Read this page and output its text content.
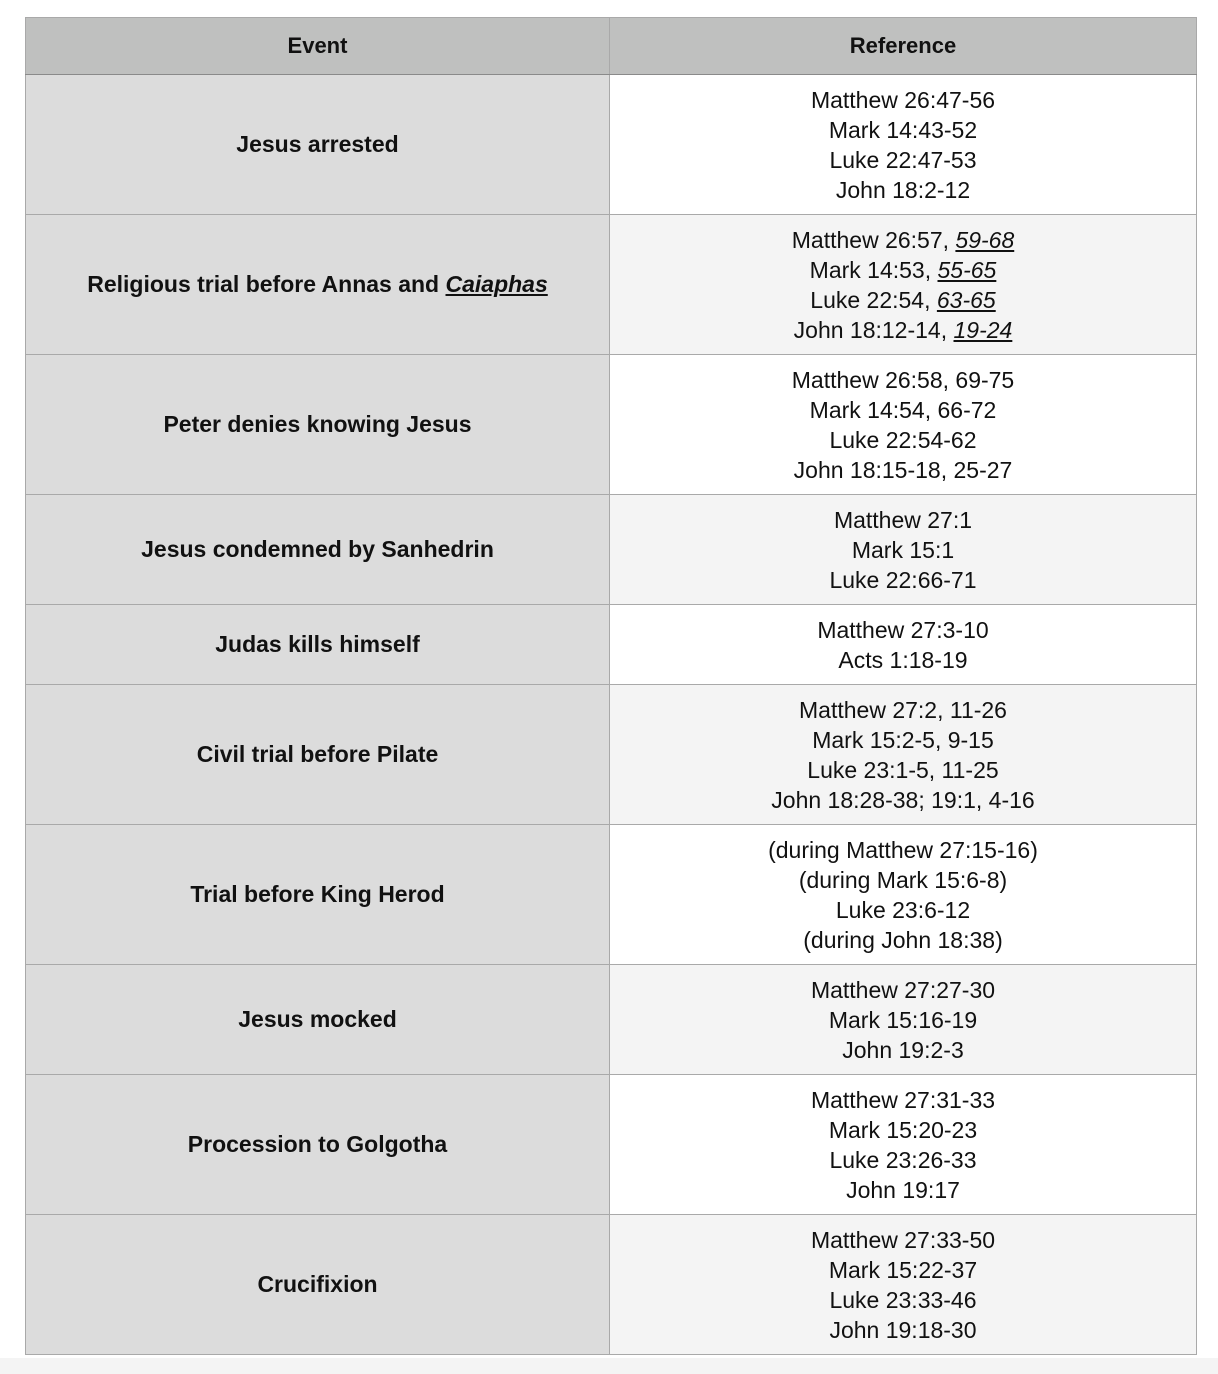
Event	Reference
Jesus arrested	Matthew 26:47-56
Mark 14:43-52
Luke 22:47-53
John 18:2-12

Religious trial before Annas and Caiaphas	Matthew 26:57, 59-68
Mark 14:53, 55-65
Luke 22:54, 63-65
John 18:12-14, 19-24

Peter denies knowing Jesus	Matthew 26:58, 69-75
Mark 14:54, 66-72
Luke 22:54-62
John 18:15-18, 25-27

Jesus condemned by Sanhedrin	Matthew 27:1
Mark 15:1
Luke 22:66-71

Judas kills himself	Matthew 27:3-10
Acts 1:18-19

Civil trial before Pilate	Matthew 27:2, 11-26
Mark 15:2-5, 9-15
Luke 23:1-5, 11-25
John 18:28-38; 19:1, 4-16

Trial before King Herod	(during Matthew 27:15-16)
(during Mark 15:6-8)
Luke 23:6-12
(during John 18:38)

Jesus mocked	Matthew 27:27-30
Mark 15:16-19
John 19:2-3

Procession to Golgotha	Matthew 27:31-33
Mark 15:20-23
Luke 23:26-33
John 19:17

Crucifixion	Matthew 27:33-50
Mark 15:22-37
Luke 23:33-46
John 19:18-30
